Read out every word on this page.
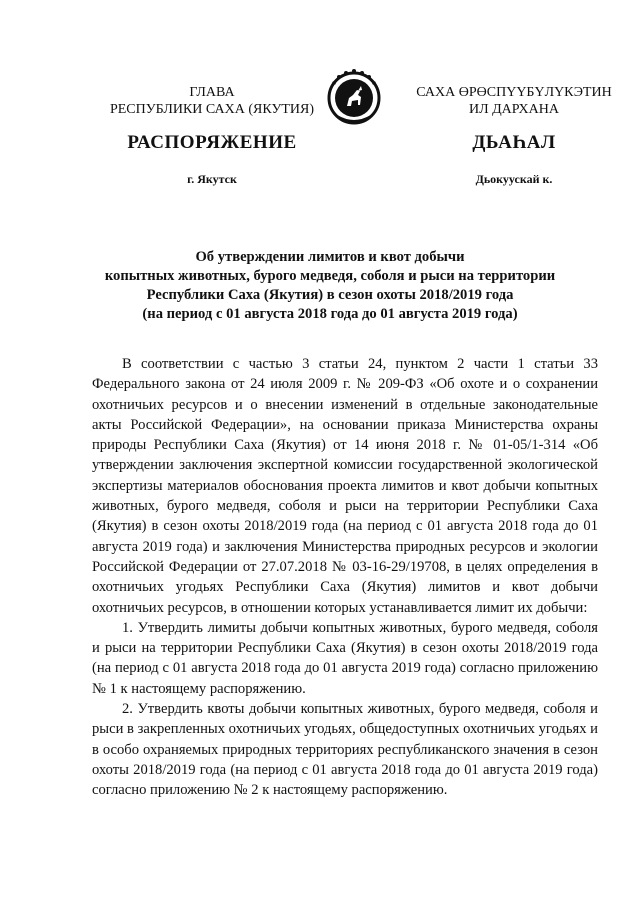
ГЛАВА
РЕСПУБЛИКИ САХА (ЯКУТИЯ)
РАСПОРЯЖЕНИЕ
г. Якутск
САХА ӨРӨСПҮҮБҮЛҮКЭТИН
ИЛ ДАРХАНА
ДЬАҺАЛ
Дьокуускай к.
Об утверждении лимитов и квот добычи
копытных животных, бурого медведя, соболя и рыси на территории
Республики Саха (Якутия) в сезон охоты 2018/2019 года
(на период с 01 августа 2018 года до 01 августа 2019 года)

В соответствии с частью 3 статьи 24, пунктом 2 части 1 статьи 33 Федерального закона от 24 июля 2009 г. № 209-ФЗ «Об охоте и о сохранении охотничьих ресурсов и о внесении изменений в отдельные законодательные акты Российской Федерации», на основании приказа Министерства охраны природы Республики Саха (Якутия) от 14 июня 2018 г. № 01-05/1-314 «Об утверждении заключения экспертной комиссии государственной экологической экспертизы материалов обоснования проекта лимитов и квот добычи копытных животных, бурого медведя, соболя и рыси на территории Республики Саха (Якутия) в сезон охоты 2018/2019 года (на период с 01 августа 2018 года до 01 августа 2019 года) и заключения Министерства природных ресурсов и экологии Российской Федерации от 27.07.2018 № 03-16-29/19708, в целях определения в охотничьих угодьях Республики Саха (Якутия) лимитов и квот добычи охотничьих ресурсов, в отношении которых устанавливается лимит их добычи:

1. Утвердить лимиты добычи копытных животных, бурого медведя, соболя и рыси на территории Республики Саха (Якутия) в сезон охоты 2018/2019 года (на период с 01 августа 2018 года до 01 августа 2019 года) согласно приложению № 1 к настоящему распоряжению.

2. Утвердить квоты добычи копытных животных, бурого медведя, соболя и рыси в закрепленных охотничьих угодьях, общедоступных охотничьих угодьях и в особо охраняемых природных территориях республиканского значения в сезон охоты 2018/2019 года (на период с 01 августа 2018 года до 01 августа 2019 года) согласно приложению № 2 к настоящему распоряжению.
